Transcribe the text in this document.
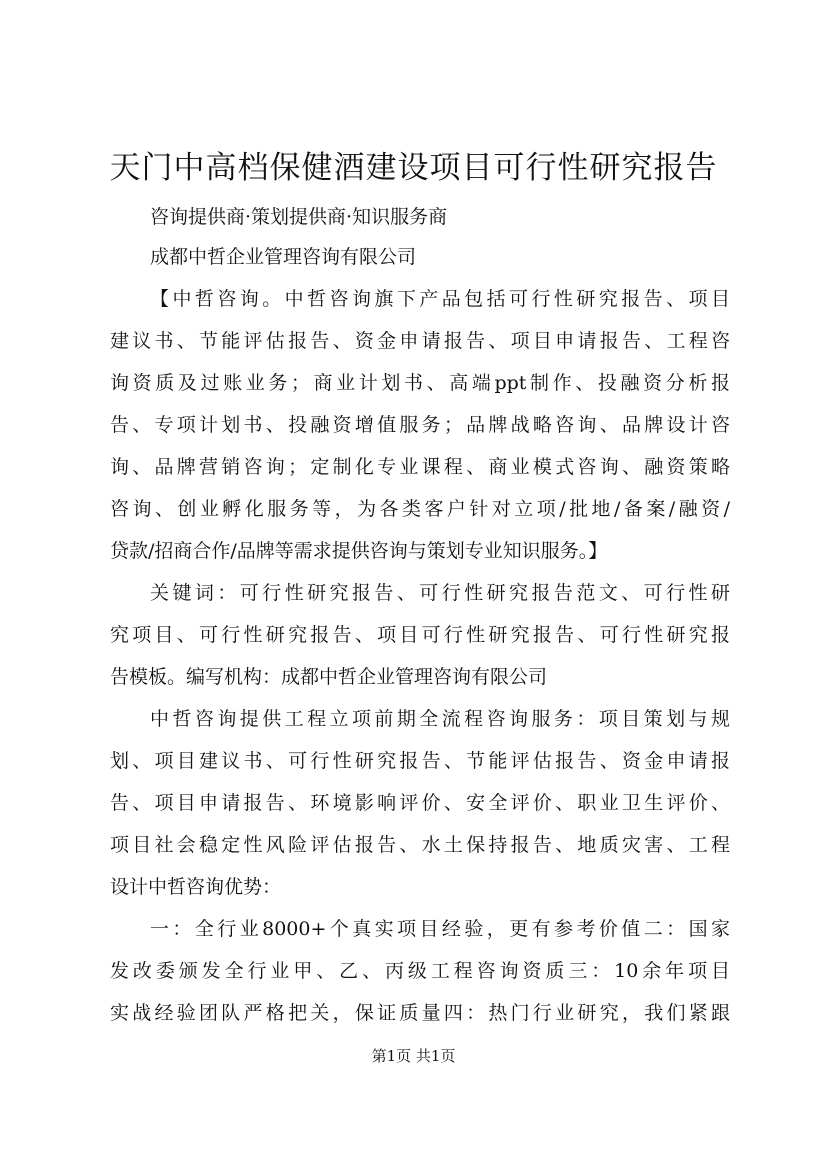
天门中高档保健酒建设项目可行性研究报告
咨询提供商·策划提供商·知识服务商
成都中哲企业管理咨询有限公司
【中哲咨询。中哲咨询旗下产品包括可行性研究报告、项目
建议书、节能评估报告、资金申请报告、项目申请报告、工程咨
询资质及过账业务；商业计划书、高端ppt制作、投融资分析报
告、专项计划书、投融资增值服务；品牌战略咨询、品牌设计咨
询、品牌营销咨询；定制化专业课程、商业模式咨询、融资策略
咨询、创业孵化服务等，为各类客户针对立项/批地/备案/融资/
贷款/招商合作/品牌等需求提供咨询与策划专业知识服务。】
关键词：可行性研究报告、可行性研究报告范文、可行性研
究项目、可行性研究报告、项目可行性研究报告、可行性研究报
告模板。编写机构：成都中哲企业管理咨询有限公司
中哲咨询提供工程立项前期全流程咨询服务：项目策划与规
划、项目建议书、可行性研究报告、节能评估报告、资金申请报
告、项目申请报告、环境影响评价、安全评价、职业卫生评价、
项目社会稳定性风险评估报告、水土保持报告、地质灾害、工程
设计中哲咨询优势：
一：全行业8000+个真实项目经验，更有参考价值二：国家
发改委颁发全行业甲、乙、丙级工程咨询资质三：10余年项目
实战经验团队严格把关，保证质量四：热门行业研究，我们紧跟
第1页 共1页
